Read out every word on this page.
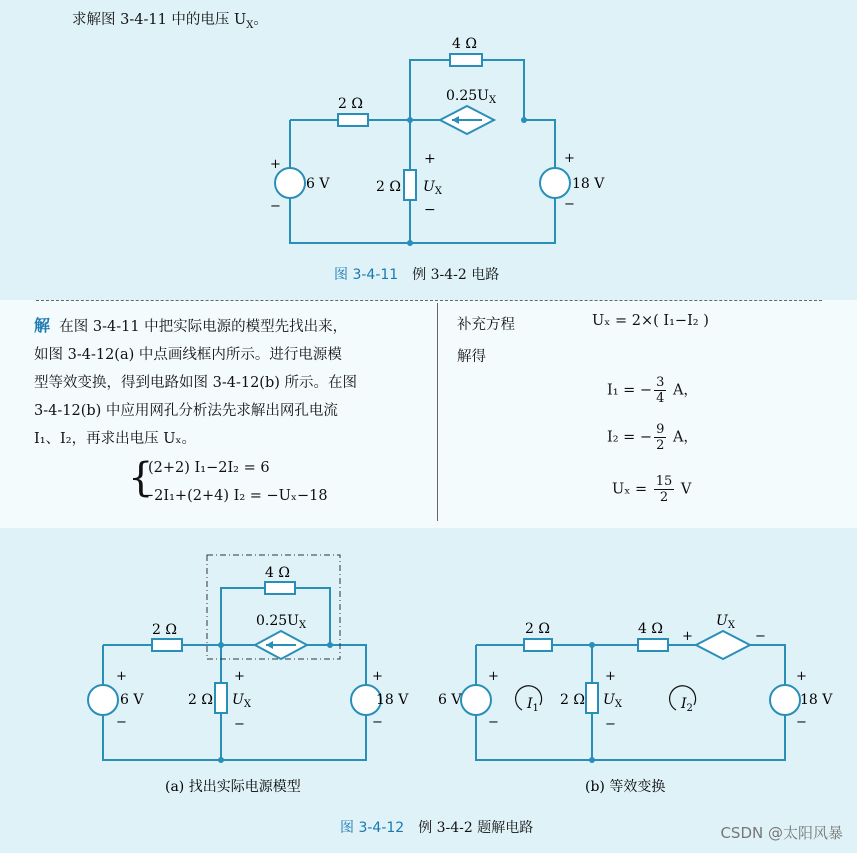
求解图 3-4-11 中的电压 $U_X$。
4 Ω
2 Ω	$0.25U_X$
2 Ω $U_X$
+
−
6 V
+
−
18 V
+
−
图 3-4-11 例 3-4-2 电路
解 在图 3-4-11 中把实际电源的模型先找出来，
如图 3-4-12(a) 中点画线框内所示。进行电源模
型等效变换，得到电路如图 3-4-12(b) 所示。在图
3-4-12(b) 中应用网孔分析法先求解出网孔电流
I₁、I₂，再求出电压 Uₓ。
{
(2+2) I₁−2I₂ = 6
−2I₁+(2+4) I₂ = −Uₓ−18
补充方程	Uₓ = 2×( I₁−I₂ )
解得
I₁ = − $\frac{3}{4}$ A，
I₂ = − $\frac{9}{2}$ A，
$U_x = \frac{15}{2}$ V
4 Ω
2 Ω
$0.25U_X$
2 Ω $U_X$
+
−
6 V
+
−
18 V
+
−
(a) 找出实际电源模型
2 Ω	4 Ω	$U_X$
+	−
$I_1$	$I_2$
2 Ω $U_X$
+
−
6 V
+
−
18 V
+
−
(b) 等效变换
图 3-4-12 例 3-4-2 题解电路	CSDN @太阳风暴
